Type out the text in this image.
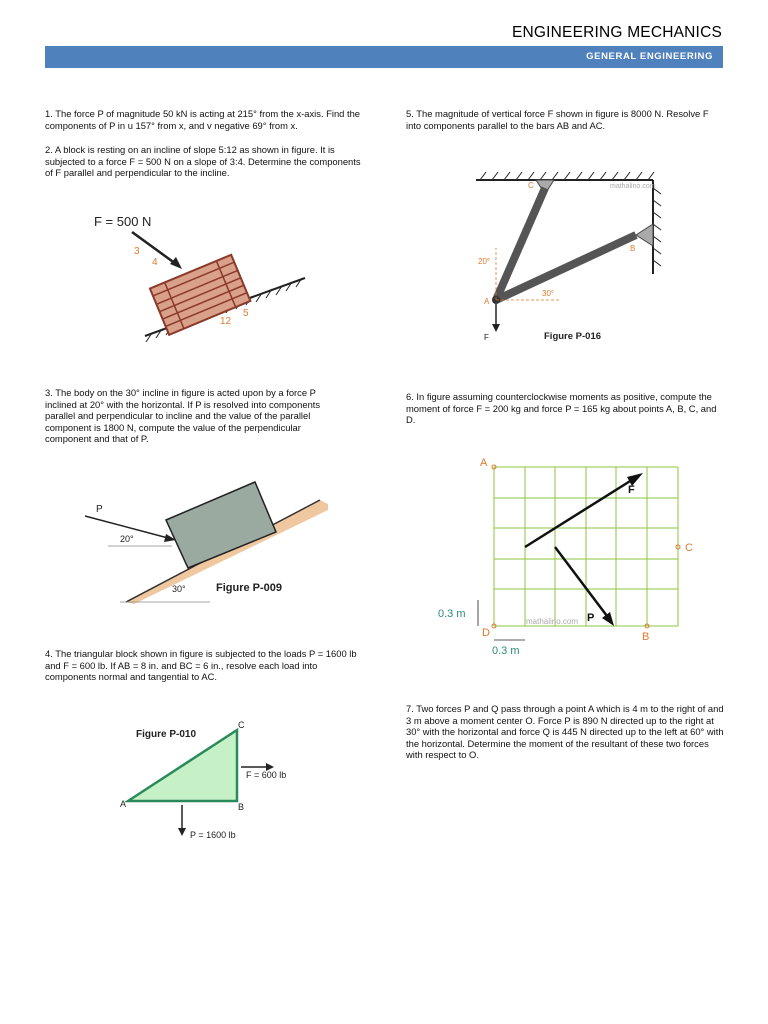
ENGINEERING MECHANICS
GENERAL ENGINEERING
1. The force P of magnitude 50 kN is acting at 215° from the x-axis. Find the components of P in u 157° from x, and v negative 69° from x.
2. A block is resting on an incline of slope 5:12 as shown in figure. It is subjected to a force F = 500 N on a slope of 3:4. Determine the components of F parallel and perpendicular to the incline.
3. The body on the 30° incline in figure is acted upon by a force P inclined at 20° with the horizontal. If P is resolved into components parallel and perpendicular to incline and the value of the parallel component is 1800 N, compute the value of the perpendicular component and that of P.
4. The triangular block shown in figure is subjected to the loads P = 1600 lb and F = 600 lb. If AB = 8 in. and BC = 6 in., resolve each load into components normal and tangential to AC.
5. The magnitude of vertical force F shown in figure is 8000 N. Resolve F into components parallel to the bars AB and AC.
6. In figure assuming counterclockwise moments as positive, compute the moment of force F = 200 kg and force P = 165 kg about points A, B, C, and D.
7. Two forces P and Q pass through a point A which is 4 m to the right of and 3 m above a moment center O. Force P is 890 N directed up to the right at 30° with the horizontal and force Q is 445 N directed up to the left at 60° with the horizontal. Determine the moment of the resultant of these two forces with respect to O.
F = 500 N
3
4
5
12
P
20°
30°	Figure P-009
Figure P-010
C
A	B
F = 600 lb
P = 1600 lb
C
B
A
F
20°
30°
Figure P-016
mathalino.com
A
C
B
D
F
P
0.3 m
0.3 m
mathalino.com
